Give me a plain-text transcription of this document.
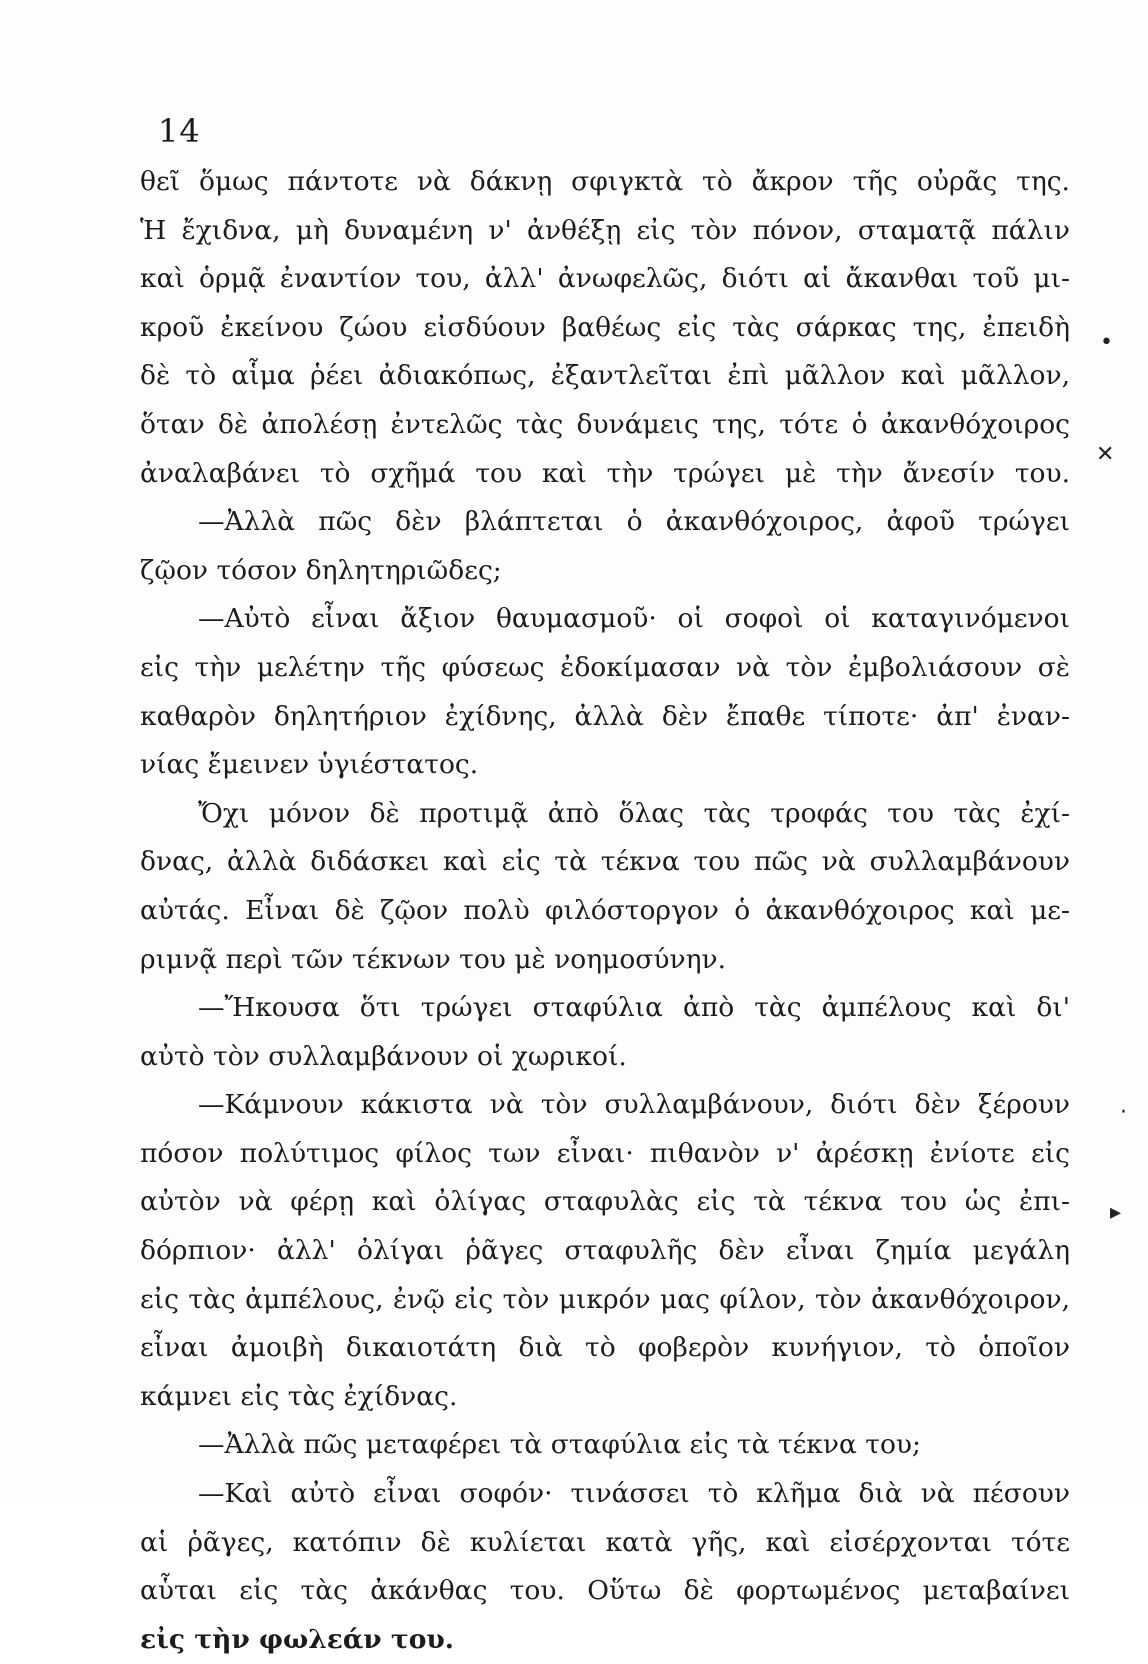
14
θεῖ ὅμως πάντοτε νὰ δάκνῃ σφιγκτὰ τὸ ἄκρον τῆς οὐρᾶς της.
Ἡ ἔχιδνα, μὴ δυναμένη ν' ἀνθέξῃ εἰς τὸν πόνον, σταματᾷ πάλιν
καὶ ὁρμᾷ ἐναντίον του, ἀλλ' ἀνωφελῶς, διότι αἱ ἄκανθαι τοῦ μι-
κροῦ ἐκείνου ζώου εἰσδύουν βαθέως εἰς τὰς σάρκας της, ἐπειδὴ
δὲ τὸ αἷμα ῥέει ἀδιακόπως, ἐξαντλεῖται ἐπὶ μᾶλλον καὶ μᾶλλον,
ὅταν δὲ ἀπολέσῃ ἐντελῶς τὰς δυνάμεις της, τότε ὁ ἀκανθόχοιρος
ἀναλαβάνει τὸ σχῆμά του καὶ τὴν τρώγει μὲ τὴν ἄνεσίν του.
—Ἀλλὰ πῶς δὲν βλάπτεται ὁ ἀκανθόχοιρος, ἀφοῦ τρώγει
ζῷον τόσον δηλητηριῶδες;
—Αὐτὸ εἶναι ἄξιον θαυμασμοῦ· οἱ σοφοὶ οἱ καταγινόμενοι
εἰς τὴν μελέτην τῆς φύσεως ἐδοκίμασαν νὰ τὸν ἐμβολιάσουν σὲ
καθαρὸν δηλητήριον ἐχίδνης, ἀλλὰ δὲν ἔπαθε τίποτε· ἀπ' ἐναν-
νίας ἔμεινεν ὑγιέστατος.
Ὄχι μόνον δὲ προτιμᾷ ἀπὸ ὅλας τὰς τροφάς του τὰς ἐχί-
δνας, ἀλλὰ διδάσκει καὶ εἰς τὰ τέκνα του πῶς νὰ συλλαμβάνουν
αὐτάς. Εἶναι δὲ ζῷον πολὺ φιλόστοργον ὁ ἀκανθόχοιρος καὶ με-
ριμνᾷ περὶ τῶν τέκνων του μὲ νοημοσύνην.
—Ἤκουσα ὅτι τρώγει σταφύλια ἀπὸ τὰς ἀμπέλους καὶ δι'
αὐτὸ τὸν συλλαμβάνουν οἱ χωρικοί.
—Κάμνουν κάκιστα νὰ τὸν συλλαμβάνουν, διότι δὲν ξέρουν
πόσον πολύτιμος φίλος των εἶναι· πιθανὸν ν' ἀρέσκῃ ἐνίοτε εἰς
αὐτὸν νὰ φέρῃ καὶ ὀλίγας σταφυλὰς εἰς τὰ τέκνα του ὡς ἐπι-
δόρπιον· ἀλλ' ὀλίγαι ῥᾶγες σταφυλῆς δὲν εἶναι ζημία μεγάλη
εἰς τὰς ἀμπέλους, ἐνῷ εἰς τὸν μικρόν μας φίλον, τὸν ἀκανθόχοιρον,
εἶναι ἀμοιβὴ δικαιοτάτη διὰ τὸ φοβερὸν κυνήγιον, τὸ ὁποῖον
κάμνει εἰς τὰς ἐχίδνας.
—Ἀλλὰ πῶς μεταφέρει τὰ σταφύλια εἰς τὰ τέκνα του;
—Καὶ αὐτὸ εἶναι σοφόν· τινάσσει τὸ κλῆμα διὰ νὰ πέσουν
αἱ ῥᾶγες, κατόπιν δὲ κυλίεται κατὰ γῆς, καὶ εἰσέρχονται τότε
αὗται εἰς τὰς ἀκάνθας του. Οὕτω δὲ φορτωμένος μεταβαίνει
εἰς τὴν φωλεάν του.
•
✕
·
▸
